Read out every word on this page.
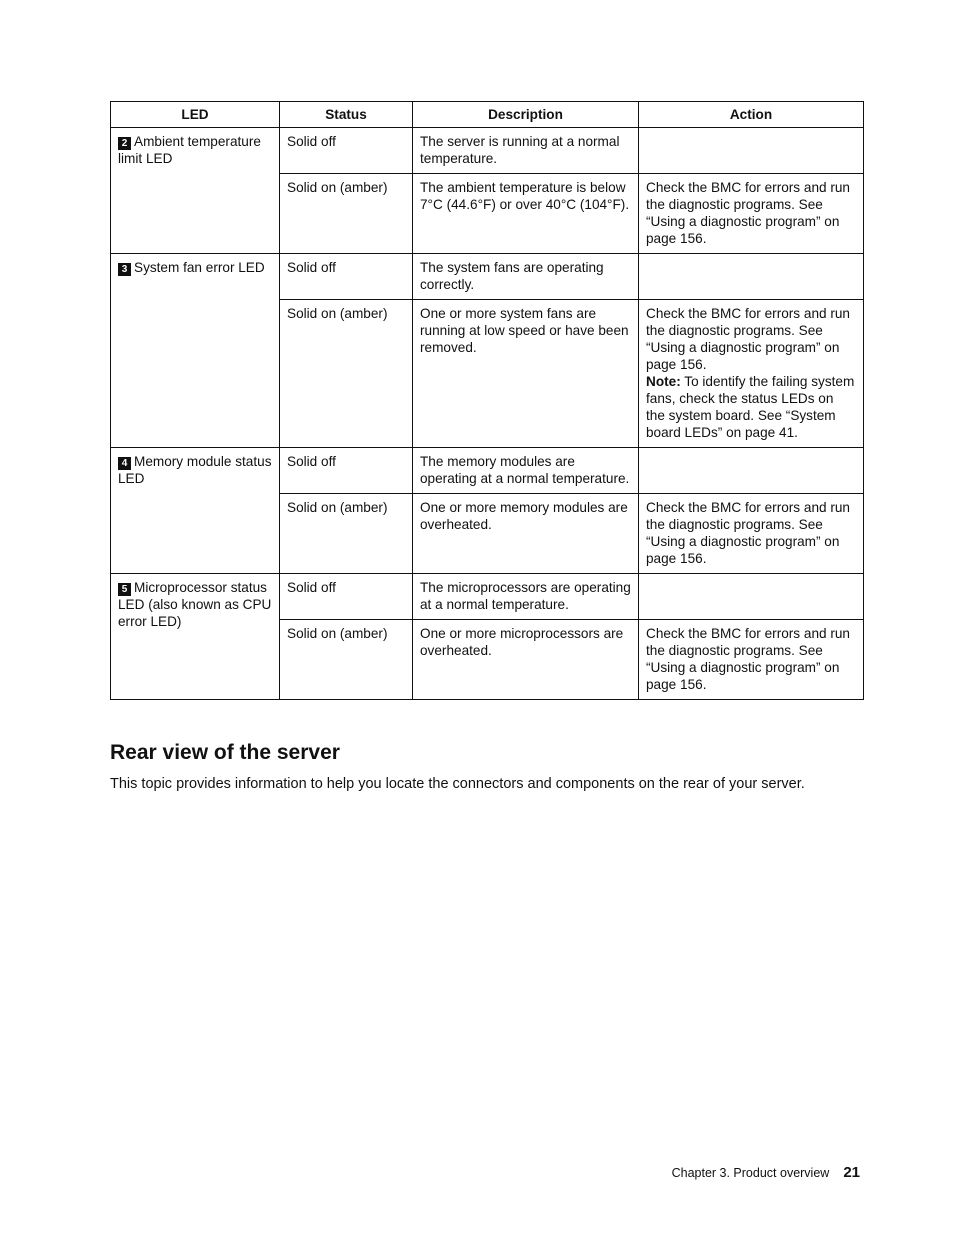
LED	Status	Description	Action
2 Ambient temperature limit LED	Solid off	The server is running at a normal temperature.	
	Solid on (amber)	The ambient temperature is below 7°C (44.6°F) or over 40°C (104°F).	Check the BMC for errors and run the diagnostic programs. See “Using a diagnostic program” on page 156.
3 System fan error LED	Solid off	The system fans are operating correctly.	
	Solid on (amber)	One or more system fans are running at low speed or have been removed.	Check the BMC for errors and run the diagnostic programs. See “Using a diagnostic program” on page 156.
Note: To identify the failing system fans, check the status LEDs on the system board. See “System board LEDs” on page 41.
4 Memory module status LED	Solid off	The memory modules are operating at a normal temperature.	
	Solid on (amber)	One or more memory modules are overheated.	Check the BMC for errors and run the diagnostic programs. See “Using a diagnostic program” on page 156.
5 Microprocessor status LED (also known as CPU error LED)	Solid off	The microprocessors are operating at a normal temperature.	
	Solid on (amber)	One or more microprocessors are overheated.	Check the BMC for errors and run the diagnostic programs. See “Using a diagnostic program” on page 156.
Rear view of the server

This topic provides information to help you locate the connectors and components on the rear of your server.

Chapter 3. Product overview 21
